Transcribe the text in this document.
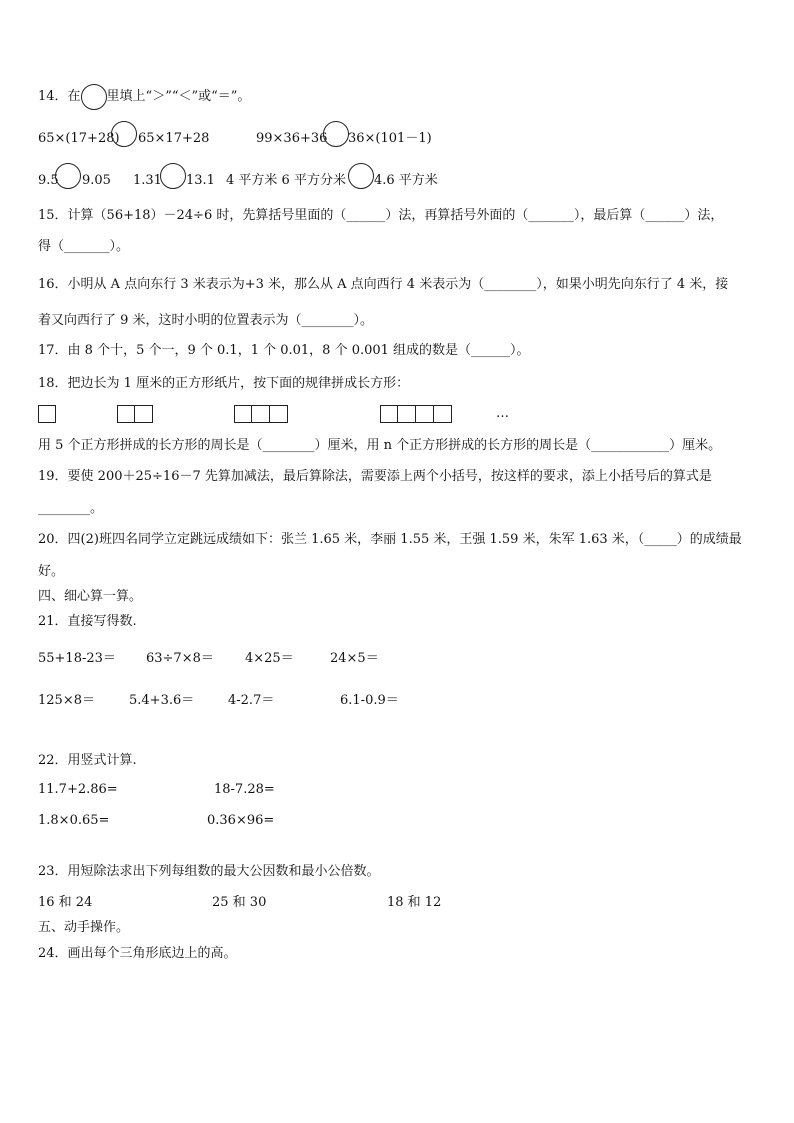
14．在 里填上“＞”“＜”或“＝”。
65×(17+28) 65×17+28	99×36+36 36×(101－1)
9.5 9.05 1.31 13.1 4 平方米 6 平方分米 4.6 平方米
15．计算（56+18）－24÷6 时，先算括号里面的（______）法，再算括号外面的（_______），最后算（______）法，
得（_______）。
16．小明从 A 点向东行 3 米表示为+3 米，那么从 A 点向西行 4 米表示为（________），如果小明先向东行了 4 米，接
着又向西行了 9 米，这时小明的位置表示为（________）。
17．由 8 个十，5 个一，9 个 0.1，1 个 0.01，8 个 0.001 组成的数是（______）。
18．把边长为 1 厘米的正方形纸片，按下面的规律拼成长方形：
…
用 5 个正方形拼成的长方形的周长是（________）厘米，用 n 个正方形拼成的长方形的周长是（____________）厘米。
19．要使 200＋25÷16－7 先算加减法，最后算除法，需要添上两个小括号，按这样的要求，添上小括号后的算式是
________。
20．四(2)班四名同学立定跳远成绩如下：张兰 1.65 米，李丽 1.55 米，王强 1.59 米，朱军 1.63 米，（_____）的成绩最
好。
四、细心算一算。
21．直接写得数.
55+18-23＝ 63÷7×8＝ 4×25＝	24×5＝
125×8＝	5.4+3.6＝	4-2.7＝	6.1-0.9＝
22．用竖式计算.
11.7+2.86=	18-7.28=
1.8×0.65=	0.36×96=
23．用短除法求出下列每组数的最大公因数和最小公倍数。
16 和 24	25 和 30	18 和 12
五、动手操作。
24．画出每个三角形底边上的高。
